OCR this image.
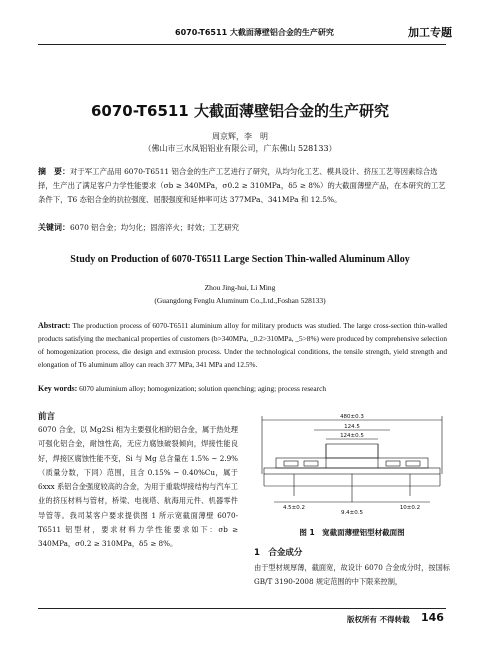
6070-T6511 大截面薄壁铝合金的生产研究	加工专题
6070-T6511 大截面薄壁铝合金的生产研究
周京辉，李　明
（佛山市三水凤铝铝业有限公司，广东佛山 528133）
摘　要：对于军工产品用 6070-T6511 铝合金的生产工艺进行了研究，从均匀化工艺、模具设计、挤压工艺等因素综合选择，生产出了满足客户力学性能要求（σb ≥ 340MPa，σ0.2 ≥ 310MPa，δ5 ≥ 8%）的大截面薄壁产品，在本研究的工艺条件下，T6 态铝合金的抗拉强度、屈服强度和延伸率可达 377MPa、341MPa 和 12.5%。
关键词：6070 铝合金；均匀化；固溶淬火；时效；工艺研究
Study on Production of 6070-T6511 Large Section Thin-walled Aluminum Alloy
Zhou Jing-hui, Li Ming
(Guangdong Fenglu Aluminum Co.,Ltd.,Foshan 528133)
Abstract: The production process of 6070-T6511 aluminium alloy for military products was studied. The large cross-section thin-walled products satisfying the mechanical properties of customers (b>340MPa, _0.2>310MPa, _5>8%) were produced by comprehensive selection of homogenization process, die design and extrusion process. Under the technological conditions, the tensile strength, yield strength and elongation of T6 aluminum alloy can reach 377 MPa, 341 MPa and 12.5%.
Key words: 6070 aluminium alloy; homogenization; solution quenching; aging; process research
前言
6070 合金，以 Mg2Si 相为主要强化相的铝合金，属于热处理可强化铝合金，耐蚀性高，无应力腐蚀破裂倾向，焊接性能良好，焊接区腐蚀性能不变，Si 与 Mg 总含量在 1.5% ~ 2.9%（质量分数，下同）范围，且含 0.15% ~ 0.40%Cu，属于 6xxx 系铝合金强度较高的合金，为用于重载焊接结构与汽车工业的挤压材料与管材，桥梁、电视塔、航海用元件、机器零件导管等。我司某客户要求提供图 1 所示宽截面薄壁 6070-T6511 铝型材，要求材料力学性能要求如下：σb ≥ 340MPa，σ0.2 ≥ 310MPa，δ5 ≥ 8%。
480±0.3
124.5
124±0.5
4.5±0.2
9.4±0.5
10±0.2
图 1　宽截面薄壁铝型材截面图
1　合金成分
由于型材规厚薄，截面宽，故设计 6070 合金成分时，按国标 GB/T 3190-2008 规定范围的中下限来控制，
版权所有 不得转载 146
